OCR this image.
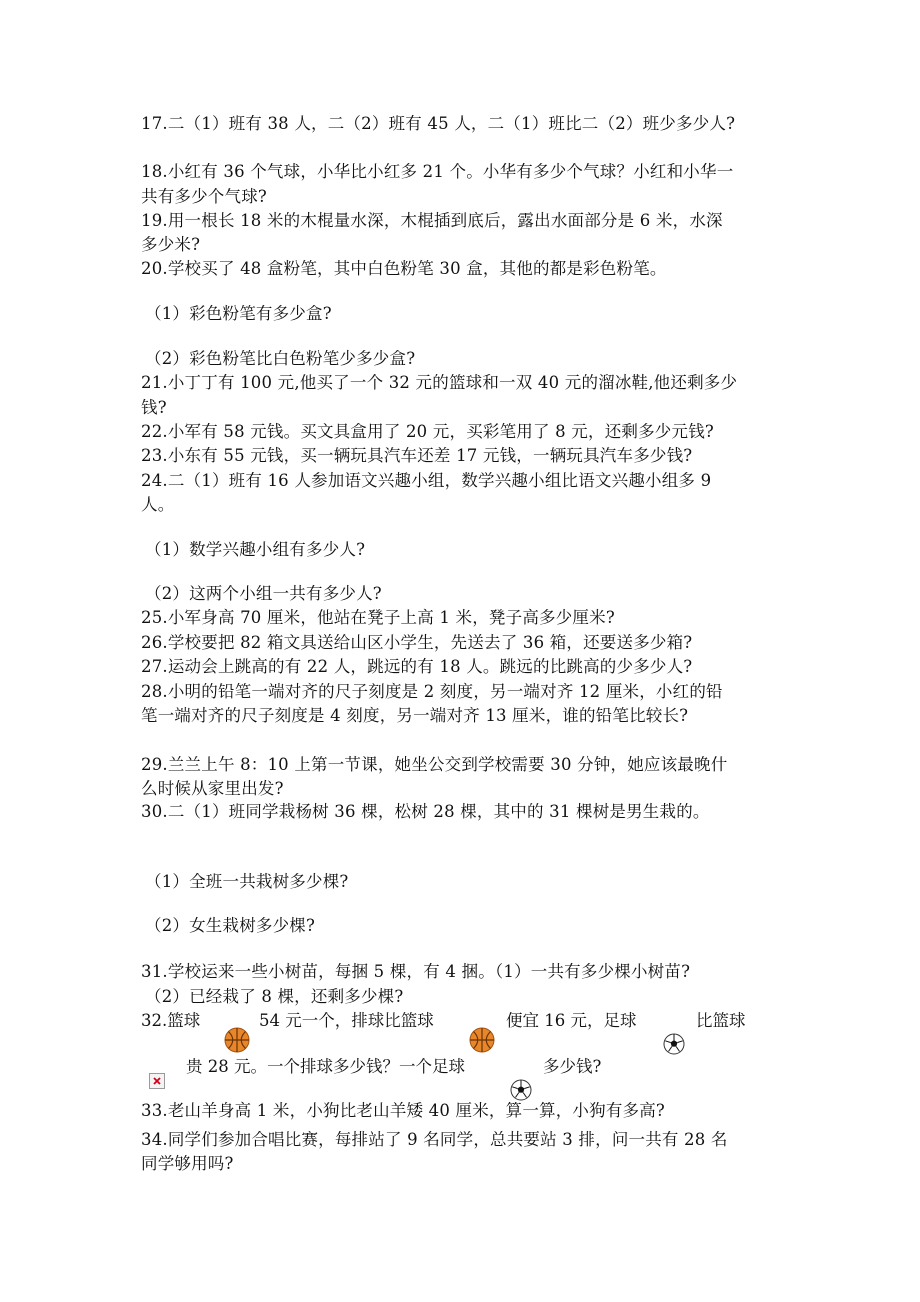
17.二（1）班有 38 人，二（2）班有 45 人，二（1）班比二（2）班少多少人?
18.小红有 36 个气球，小华比小红多 21 个。小华有多少个气球？小红和小华一
共有多少个气球?
19.用一根长 18 米的木棍量水深，木棍插到底后，露出水面部分是 6 米，水深
多少米?
20.学校买了 48 盒粉笔，其中白色粉笔 30 盒，其他的都是彩色粉笔。
（1）彩色粉笔有多少盒?
（2）彩色粉笔比白色粉笔少多少盒?
21.小丁丁有 100 元,他买了一个 32 元的篮球和一双 40 元的溜冰鞋,他还剩多少
钱?
22.小军有 58 元钱。买文具盒用了 20 元，买彩笔用了 8 元，还剩多少元钱?
23.小东有 55 元钱，买一辆玩具汽车还差 17 元钱，一辆玩具汽车多少钱?
24.二（1）班有 16 人参加语文兴趣小组，数学兴趣小组比语文兴趣小组多 9
人。
（1）数学兴趣小组有多少人?
（2）这两个小组一共有多少人?
25.小军身高 70 厘米，他站在凳子上高 1 米，凳子高多少厘米?
26.学校要把 82 箱文具送给山区小学生，先送去了 36 箱，还要送多少箱?
27.运动会上跳高的有 22 人，跳远的有 18 人。跳远的比跳高的少多少人?
28.小明的铅笔一端对齐的尺子刻度是 2 刻度，另一端对齐 12 厘米，小红的铅
笔一端对齐的尺子刻度是 4 刻度，另一端对齐 13 厘米，谁的铅笔比较长?
29.兰兰上午 8：10 上第一节课，她坐公交到学校需要 30 分钟，她应该最晚什
么时候从家里出发?
30.二（1）班同学栽杨树 36 棵，松树 28 棵，其中的 31 棵树是男生栽的。
（1）全班一共栽树多少棵?
（2）女生栽树多少棵?
31.学校运来一些小树苗，每捆 5 棵，有 4 捆。（1）一共有多少棵小树苗?
（2）已经栽了 8 棵，还剩多少棵?
32.篮球	54 元一个，排球比篮球	便宜 16 元，足球	比篮球
贵 28 元。一个排球多少钱？一个足球	多少钱?
33.老山羊身高 1 米，小狗比老山羊矮 40 厘米，算一算，小狗有多高?
34.同学们参加合唱比赛，每排站了 9 名同学，总共要站 3 排，问一共有 28 名
同学够用吗?
